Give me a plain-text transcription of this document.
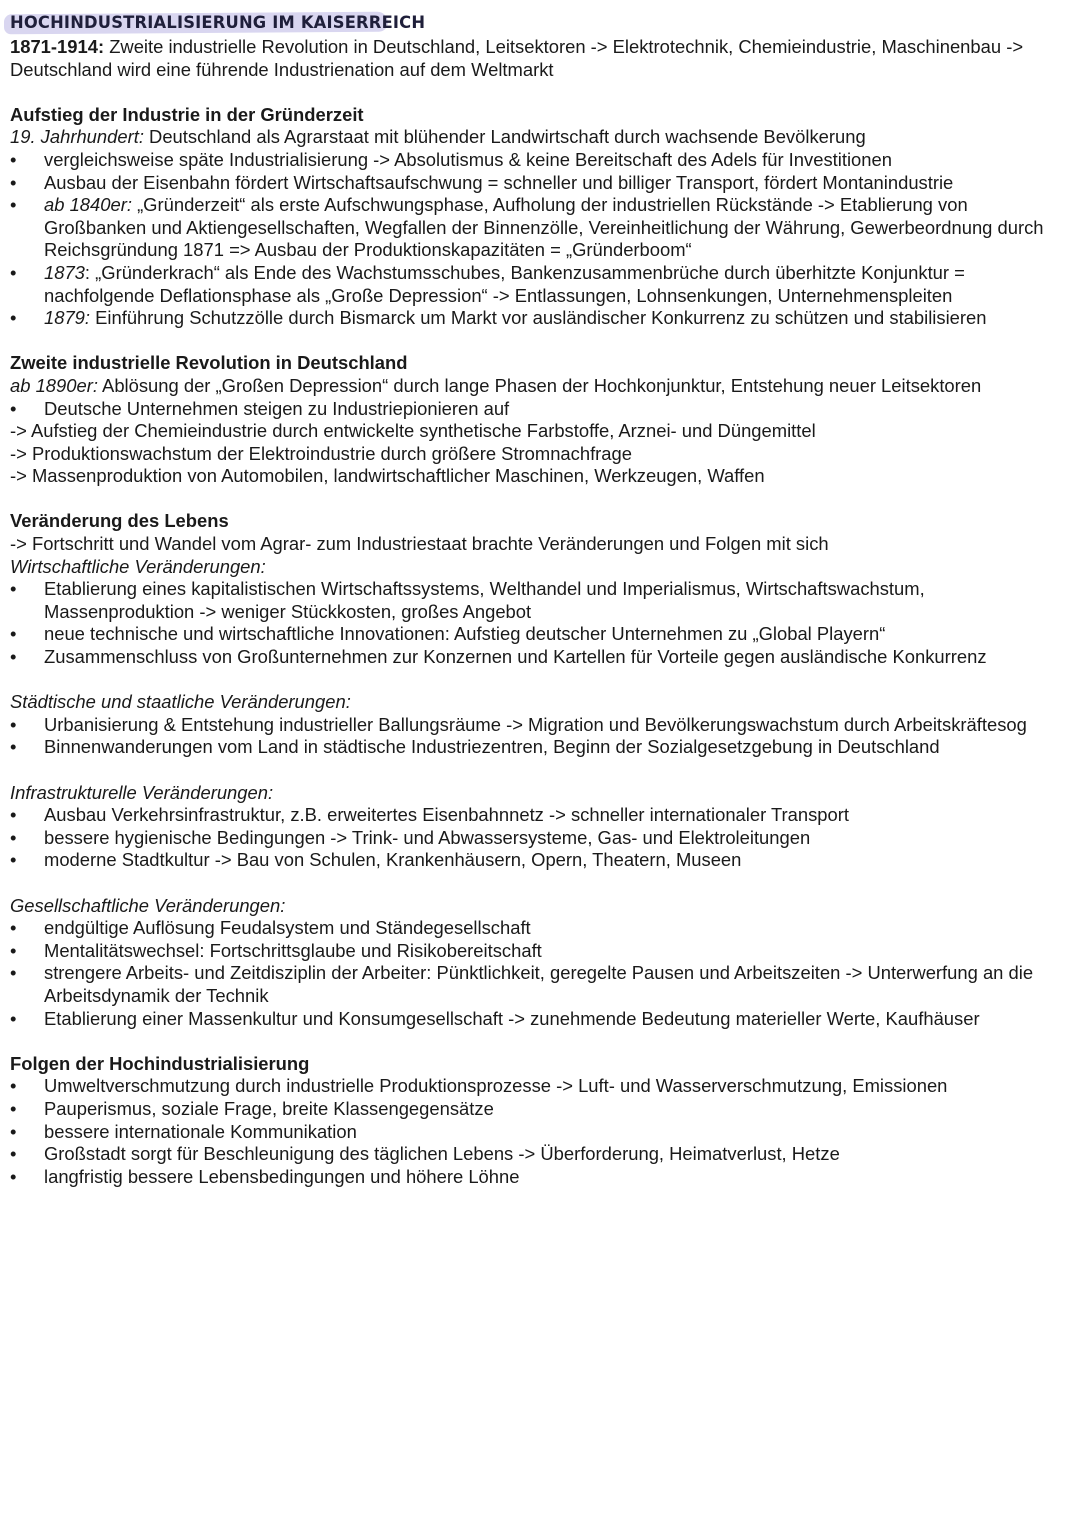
HOCHINDUSTRIALISIERUNG IM KAISERREICH

1871-1914: Zweite industrielle Revolution in Deutschland, Leitsektoren -> Elektrotechnik, Chemieindustrie, Maschinenbau -> Deutschland wird eine führende Industrienation auf dem Weltmarkt

Aufstieg der Industrie in der Gründerzeit

19. Jahrhundert: Deutschland als Agrarstaat mit blühender Landwirtschaft durch wachsende Bevölkerung

• vergleichsweise späte Industrialisierung -> Absolutismus & keine Bereitschaft des Adels für Investitionen
• Ausbau der Eisenbahn fördert Wirtschaftsaufschwung = schneller und billiger Transport, fördert Montanindustrie
• ab 1840er: „Gründerzeit“ als erste Aufschwungsphase, Aufholung der industriellen Rückstände -> Etablierung von Großbanken und Aktiengesellschaften, Wegfallen der Binnenzölle, Vereinheitlichung der Währung, Gewerbeordnung durch Reichsgründung 1871 => Ausbau der Produktionskapazitäten = „Gründerboom“
• 1873: „Gründerkrach“ als Ende des Wachstumsschubes, Bankenzusammenbrüche durch überhitzte Konjunktur = nachfolgende Deflationsphase als „Große Depression“ -> Entlassungen, Lohnsenkungen, Unternehmenspleiten
• 1879: Einführung Schutzzölle durch Bismarck um Markt vor ausländischer Konkurrenz zu schützen und stabilisieren

Zweite industrielle Revolution in Deutschland

ab 1890er: Ablösung der „Großen Depression“ durch lange Phasen der Hochkonjunktur, Entstehung neuer Leitsektoren

• Deutsche Unternehmen steigen zu Industriepionieren auf

-> Aufstieg der Chemieindustrie durch entwickelte synthetische Farbstoffe, Arznei- und Düngemittel

-> Produktionswachstum der Elektroindustrie durch größere Stromnachfrage

-> Massenproduktion von Automobilen, landwirtschaftlicher Maschinen, Werkzeugen, Waffen

Veränderung des Lebens

-> Fortschritt und Wandel vom Agrar- zum Industriestaat brachte Veränderungen und Folgen mit sich

Wirtschaftliche Veränderungen:

• Etablierung eines kapitalistischen Wirtschaftssystems, Welthandel und Imperialismus, Wirtschaftswachstum, Massenproduktion -> weniger Stückkosten, großes Angebot
• neue technische und wirtschaftliche Innovationen: Aufstieg deutscher Unternehmen zu „Global Playern“
• Zusammenschluss von Großunternehmen zur Konzernen und Kartellen für Vorteile gegen ausländische Konkurrenz

Städtische und staatliche Veränderungen:

• Urbanisierung & Entstehung industrieller Ballungsräume -> Migration und Bevölkerungswachstum durch Arbeitskräftesog
• Binnenwanderungen vom Land in städtische Industriezentren, Beginn der Sozialgesetzgebung in Deutschland

Infrastrukturelle Veränderungen:

• Ausbau Verkehrsinfrastruktur, z.B. erweitertes Eisenbahnnetz -> schneller internationaler Transport
• bessere hygienische Bedingungen -> Trink- und Abwassersysteme, Gas- und Elektroleitungen
• moderne Stadtkultur -> Bau von Schulen, Krankenhäusern, Opern, Theatern, Museen

Gesellschaftliche Veränderungen:

• endgültige Auflösung Feudalsystem und Ständegesellschaft
• Mentalitätswechsel: Fortschrittsglaube und Risikobereitschaft
• strengere Arbeits- und Zeitdisziplin der Arbeiter: Pünktlichkeit, geregelte Pausen und Arbeitszeiten -> Unterwerfung an die Arbeitsdynamik der Technik
• Etablierung einer Massenkultur und Konsumgesellschaft -> zunehmende Bedeutung materieller Werte, Kaufhäuser

Folgen der Hochindustrialisierung

• Umweltverschmutzung durch industrielle Produktionsprozesse -> Luft- und Wasserverschmutzung, Emissionen
• Pauperismus, soziale Frage, breite Klassengegensätze
• bessere internationale Kommunikation
• Großstadt sorgt für Beschleunigung des täglichen Lebens -> Überforderung, Heimatverlust, Hetze
• langfristig bessere Lebensbedingungen und höhere Löhne
